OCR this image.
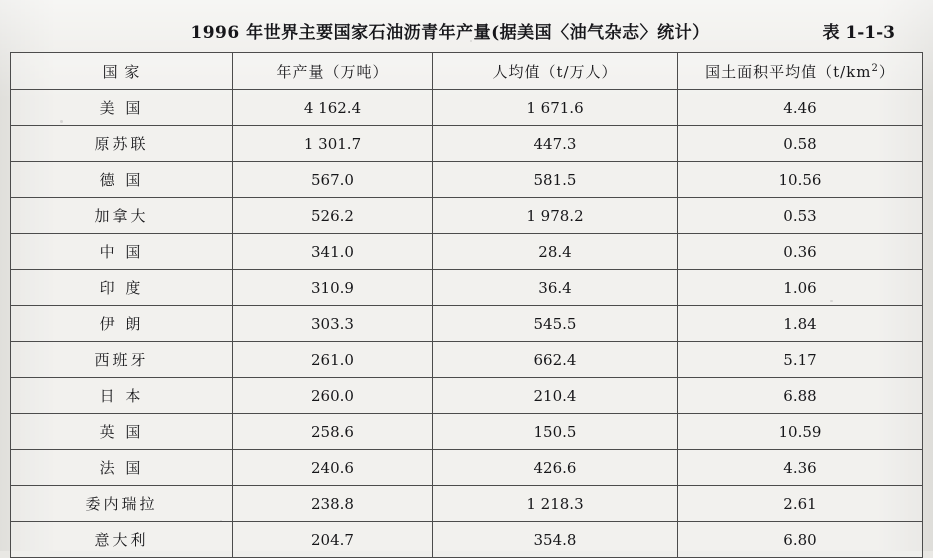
1996 年世界主要国家石油沥青年产量(据美国〈油气杂志〉统计）	表 1-1-3
国 家	年产量（万吨）	人均值（t/万人）	国土面积平均值$(t/km^2)$
美 国	4 162.4	1 671.6	4.46
原苏联	1 301.7	447.3	0.58
德 国	567.0	581.5	10.56
加拿大	526.2	1 978.2	0.53
中 国	341.0	28.4	0.36
印 度	310.9	36.4	1.06
伊 朗	303.3	545.5	1.84
西班牙	261.0	662.4	5.17
日 本	260.0	210.4	6.88
英 国	258.6	150.5	10.59
法 国	240.6	426.6	4.36
委内瑞拉	238.8	1 218.3	2.61
意大利	204.7	354.8	6.80
